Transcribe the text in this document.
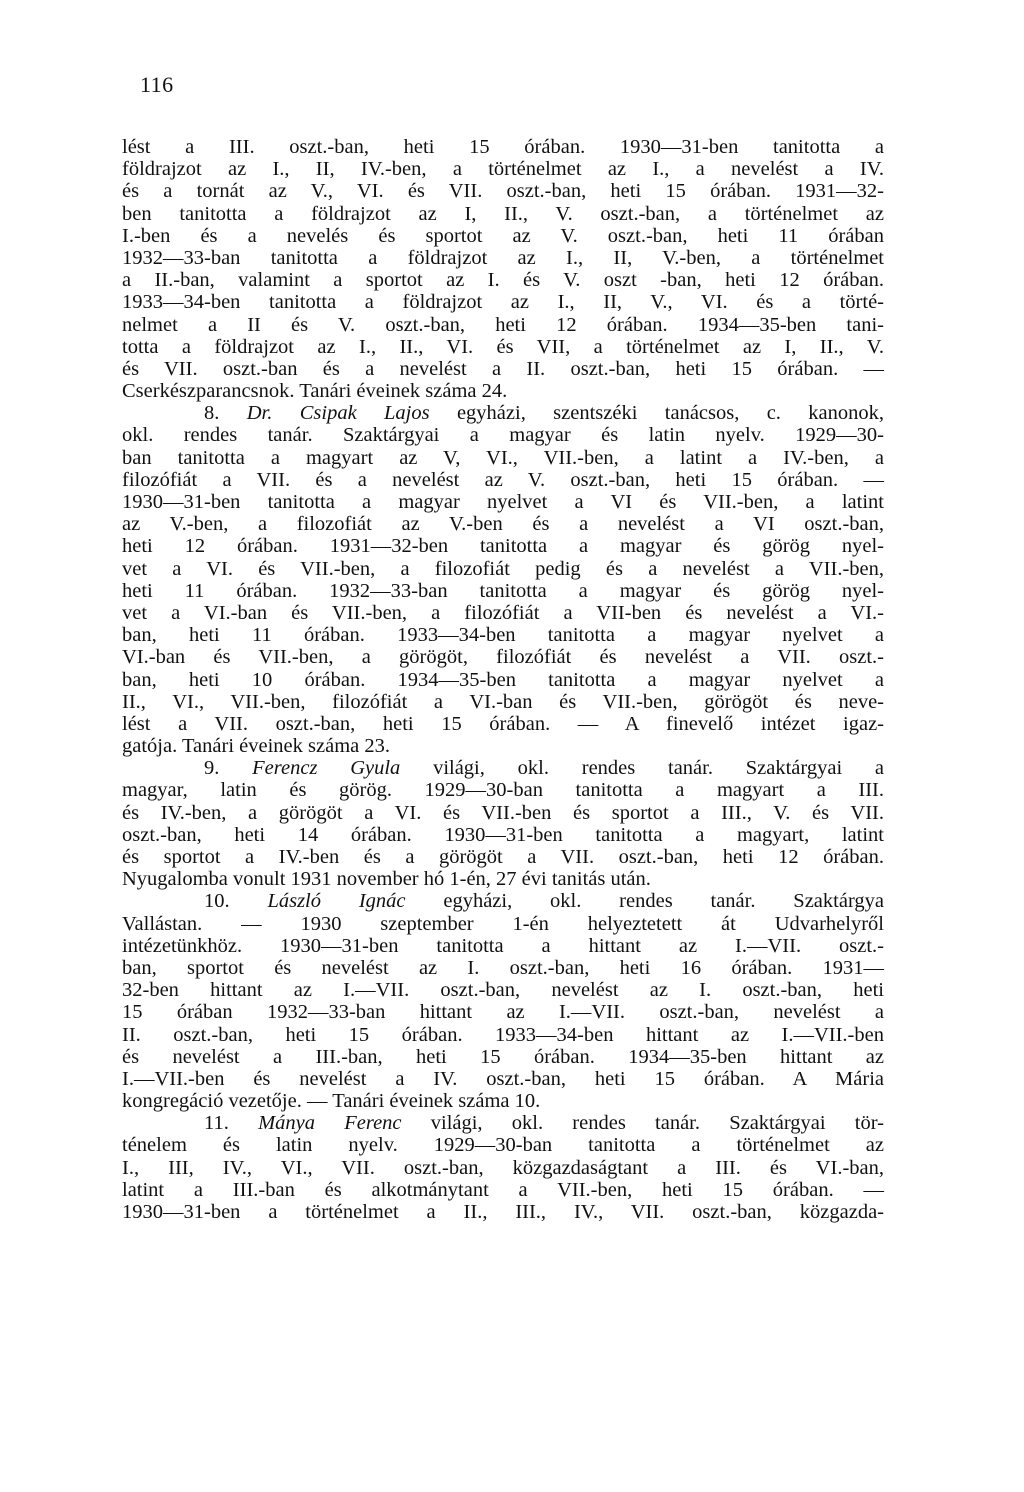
116
lést a III. oszt.-ban, heti 15 órában. 1930—31-ben tanitotta a
földrajzot az I., II, IV.-ben, a történelmet az I., a nevelést a IV.
és a tornát az V., VI. és VII. oszt.-ban, heti 15 órában. 1931—32-
ben tanitotta a földrajzot az I, II., V. oszt.-ban, a történelmet az
I.-ben és a nevelés és sportot az V. oszt.-ban, heti 11 órában
1932—33-ban tanitotta a földrajzot az I., II, V.-ben, a történelmet
a II.-ban, valamint a sportot az I. és V. oszt -ban, heti 12 órában.
1933—34-ben tanitotta a földrajzot az I., II, V., VI. és a törté-
nelmet a II és V. oszt.-ban, heti 12 órában. 1934—35-ben tani-
totta a földrajzot az I., II., VI. és VII, a történelmet az I, II., V.
és VII. oszt.-ban és a nevelést a II. oszt.-ban, heti 15 órában. —
Cserkészparancsnok. Tanári éveinek száma 24.
8. Dr. Csipak Lajos egyházi, szentszéki tanácsos, c. kanonok,
okl. rendes tanár. Szaktárgyai a magyar és latin nyelv. 1929—30-
ban tanitotta a magyart az V, VI., VII.-ben, a latint a IV.-ben, a
filozófiát a VII. és a nevelést az V. oszt.-ban, heti 15 órában. —
1930—31-ben tanitotta a magyar nyelvet a VI és VII.-ben, a latint
az V.-ben, a filozofiát az V.-ben és a nevelést a VI oszt.-ban,
heti 12 órában. 1931—32-ben tanitotta a magyar és görög nyel-
vet a VI. és VII.-ben, a filozofiát pedig és a nevelést a VII.-ben,
heti 11 órában. 1932—33-ban tanitotta a magyar és görög nyel-
vet a VI.-ban és VII.-ben, a filozófiát a VII-ben és nevelést a VI.-
ban, heti 11 órában. 1933—34-ben tanitotta a magyar nyelvet a
VI.-ban és VII.-ben, a görögöt, filozófiát és nevelést a VII. oszt.-
ban, heti 10 órában. 1934—35-ben tanitotta a magyar nyelvet a
II., VI., VII.-ben, filozófiát a VI.-ban és VII.-ben, görögöt és neve-
lést a VII. oszt.-ban, heti 15 órában. — A finevelő intézet igaz-
gatója. Tanári éveinek száma 23.
9. Ferencz Gyula világi, okl. rendes tanár. Szaktárgyai a
magyar, latin és görög. 1929—30-ban tanitotta a magyart a III.
és IV.-ben, a görögöt a VI. és VII.-ben és sportot a III., V. és VII.
oszt.-ban, heti 14 órában. 1930—31-ben tanitotta a magyart, latint
és sportot a IV.-ben és a görögöt a VII. oszt.-ban, heti 12 órában.
Nyugalomba vonult 1931 november hó 1-én, 27 évi tanitás után.
10. László Ignác egyházi, okl. rendes tanár. Szaktárgya
Vallástan. — 1930 szeptember 1-én helyeztetett át Udvarhelyről
intézetünkhöz. 1930—31-ben tanitotta a hittant az I.—VII. oszt.-
ban, sportot és nevelést az I. oszt.-ban, heti 16 órában. 1931—
32-ben hittant az I.—VII. oszt.-ban, nevelést az I. oszt.-ban, heti
15 órában 1932—33-ban hittant az I.—VII. oszt.-ban, nevelést a
II. oszt.-ban, heti 15 órában. 1933—34-ben hittant az I.—VII.-ben
és nevelést a III.-ban, heti 15 órában. 1934—35-ben hittant az
I.—VII.-ben és nevelést a IV. oszt.-ban, heti 15 órában. A Mária
kongregáció vezetője. — Tanári éveinek száma 10.
11. Mánya Ferenc világi, okl. rendes tanár. Szaktárgyai tör-
ténelem és latin nyelv. 1929—30-ban tanitotta a történelmet az
I., III, IV., VI., VII. oszt.-ban, közgazdaságtant a III. és VI.-ban,
latint a III.-ban és alkotmánytant a VII.-ben, heti 15 órában. —
1930—31-ben a történelmet a II., III., IV., VII. oszt.-ban, közgazda-
